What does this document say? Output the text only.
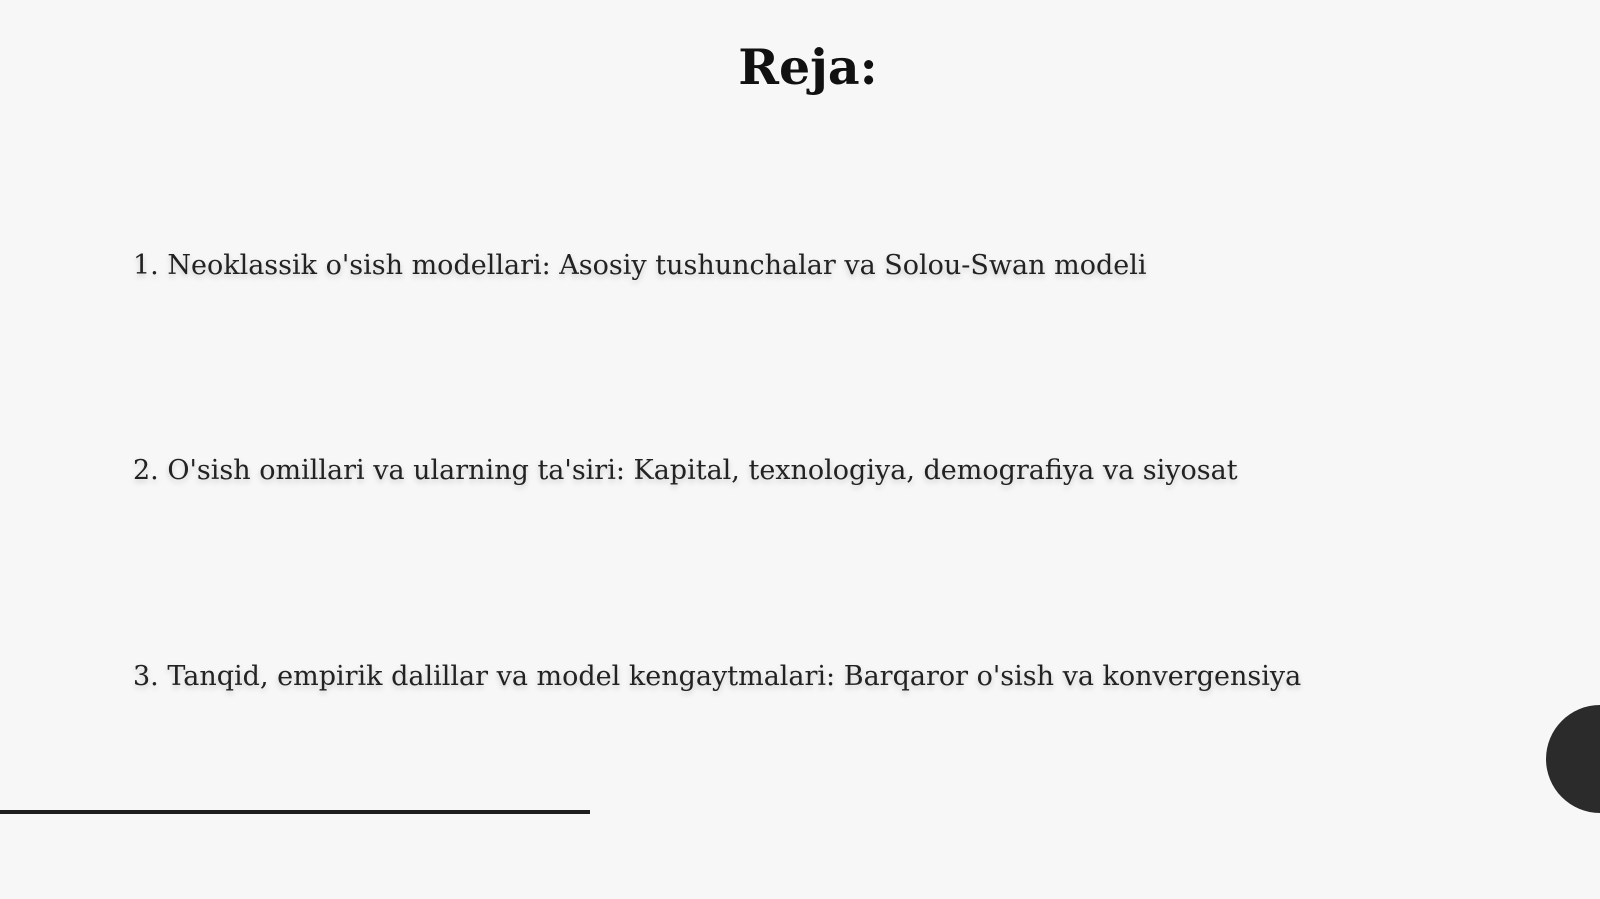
Reja:
1. Neoklassik o'sish modellari: Asosiy tushunchalar va Solou-Swan modeli
2. O'sish omillari va ularning ta'siri: Kapital, texnologiya, demografiya va siyosat
3. Tanqid, empirik dalillar va model kengaytmalari: Barqaror o'sish va konvergensiya
